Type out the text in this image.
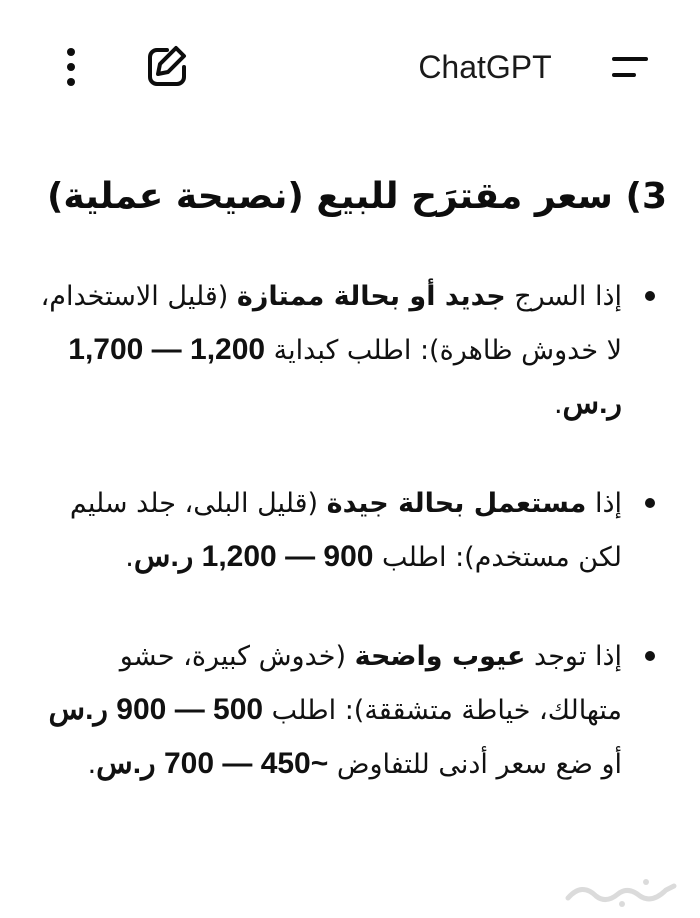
ChatGPT
3) سعر مقترَح للبيع (نصيحة عملية)
إذا السرج جديد أو بحالة ممتازة (قليل الاستخدام، لا خدوش ظاهرة): اطلب كبداية 1,200 — 1,700 ر.س.
إذا مستعمل بحالة جيدة (قليل البلى، جلد سليم لكن مستخدم): اطلب 900 — 1,200 ر.س.
إذا توجد عيوب واضحة (خدوش كبيرة، حشو متهالك، خياطة متشققة): اطلب 500 — 900 ر.س أو ضع سعر أدنى للتفاوض ~450 — 700 ر.س.
